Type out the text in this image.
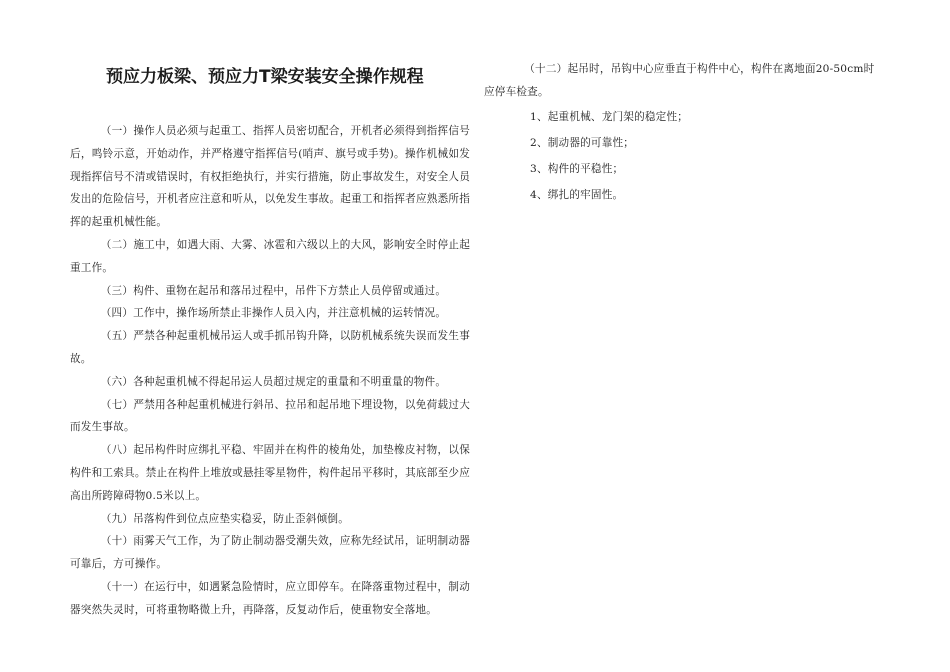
预应力板梁、预应力T梁安装安全操作规程

（一）操作人员必须与起重工、指挥人员密切配合，开机者必须得到指挥信号后，鸣铃示意，开始动作，并严格遵守指挥信号(哨声、旗号或手势)。操作机械如发现指挥信号不清或错误时，有权拒绝执行，并实行措施，防止事故发生，对安全人员发出的危险信号，开机者应注意和听从，以免发生事故。起重工和指挥者应熟悉所指挥的起重机械性能。

（二）施工中，如遇大雨、大雾、冰雹和六级以上的大风，影响安全时停止起重工作。

（三）构件、重物在起吊和落吊过程中，吊件下方禁止人员停留或通过。

（四）工作中，操作场所禁止非操作人员入内，并注意机械的运转情况。

（五）严禁各种起重机械吊运人或手抓吊钩升降，以防机械系统失误而发生事故。

（六）各种起重机械不得起吊运人员超过规定的重量和不明重量的物件。

（七）严禁用各种起重机械进行斜吊、拉吊和起吊地下埋设物，以免荷载过大而发生事故。

（八）起吊构件时应绑扎平稳、牢固并在构件的棱角处，加垫橡皮衬物，以保构件和工索具。禁止在构件上堆放或悬挂零星物件，构件起吊平移时，其底部至少应高出所跨障碍物0.5米以上。

（九）吊落构件到位点应垫实稳妥，防止歪斜倾倒。

（十）雨雾天气工作，为了防止制动器受潮失效，应称先经试吊，证明制动器可靠后，方可操作。

（十一）在运行中，如遇紧急险情时，应立即停车。在降落重物过程中，制动器突然失灵时，可将重物略微上升，再降落，反复动作后，使重物安全落地。

（十二）起吊时，吊钩中心应垂直于构件中心，构件在离地面20-50cm时应停车检查。

1、起重机械、龙门架的稳定性；

2、制动器的可靠性；

3、构件的平稳性；

4、绑扎的牢固性。
